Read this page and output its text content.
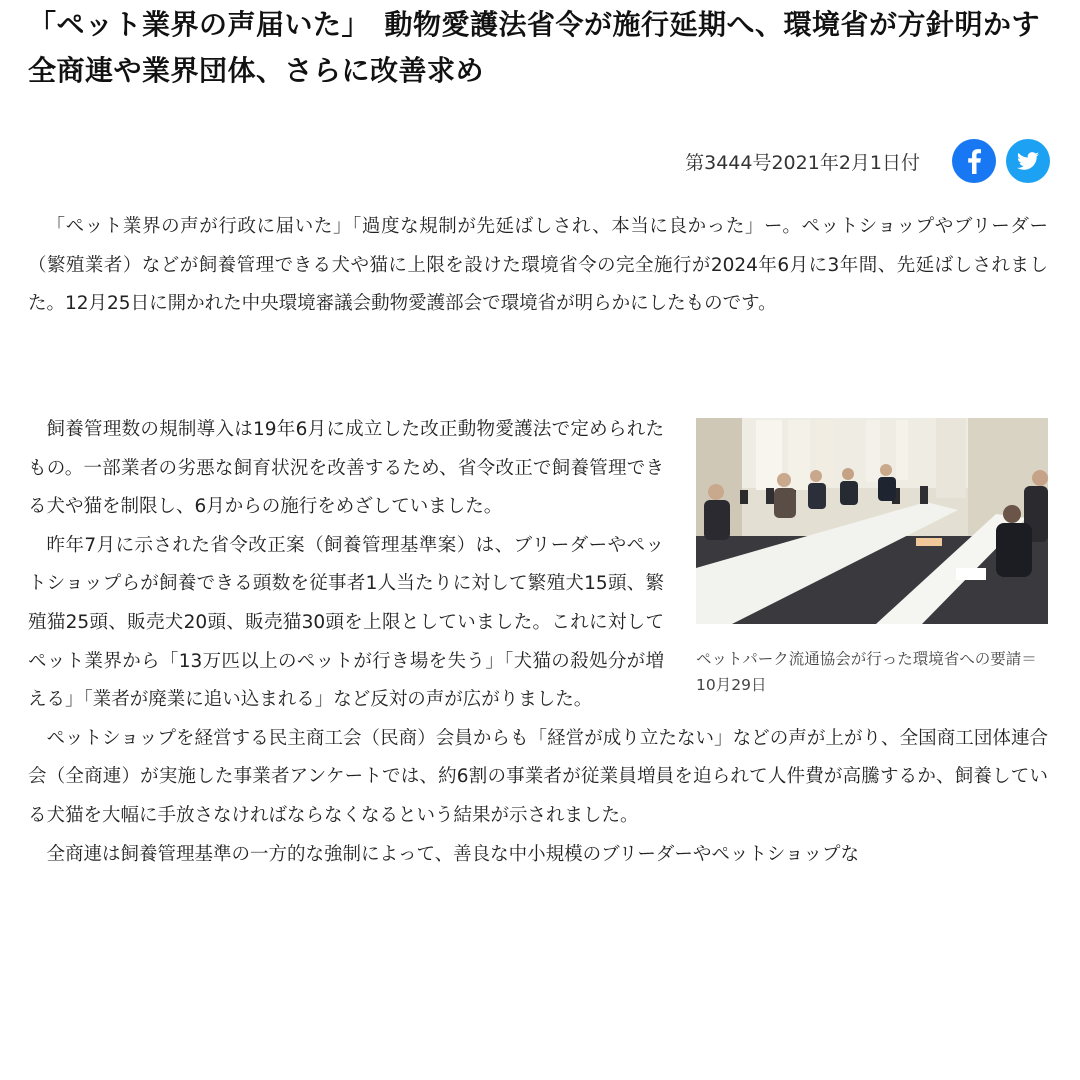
「ペット業界の声届いた」　動物愛護法省令が施行延期へ、環境省が方針明かす　全商連や業界団体、さらに改善求め
第3444号2021年2月1日付

「ペット業界の声が行政に届いた」「過度な規制が先延ばしされ、本当に良かった」ー。ペットショップやブリーダー（繁殖業者）などが飼養管理できる犬や猫に上限を設けた環境省令の完全施行が2024年6月に3年間、先延ばしされました。12月25日に開かれた中央環境審議会動物愛護部会で環境省が明らかにしたものです。

ペットパーク流通協会が行った環境省への要請＝10月29日

飼養管理数の規制導入は19年6月に成立した改正動物愛護法で定められたもの。一部業者の劣悪な飼育状況を改善するため、省令改正で飼養管理できる犬や猫を制限し、6月からの施行をめざしていました。

昨年7月に示された省令改正案（飼養管理基準案）は、ブリーダーやペットショップらが飼養できる頭数を従事者1人当たりに対して繁殖犬15頭、繁殖猫25頭、販売犬20頭、販売猫30頭を上限としていました。これに対してペット業界から「13万匹以上のペットが行き場を失う」「犬猫の殺処分が増える」「業者が廃業に追い込まれる」など反対の声が広がりました。

ペットショップを経営する民主商工会（民商）会員からも「経営が成り立たない」などの声が上がり、全国商工団体連合会（全商連）が実施した事業者アンケートでは、約6割の事業者が従業員増員を迫られて人件費が高騰するか、飼養している犬猫を大幅に手放さなければならなくなるという結果が示されました。

全商連は飼養管理基準の一方的な強制によって、善良な中小規模のブリーダーやペットショップな
